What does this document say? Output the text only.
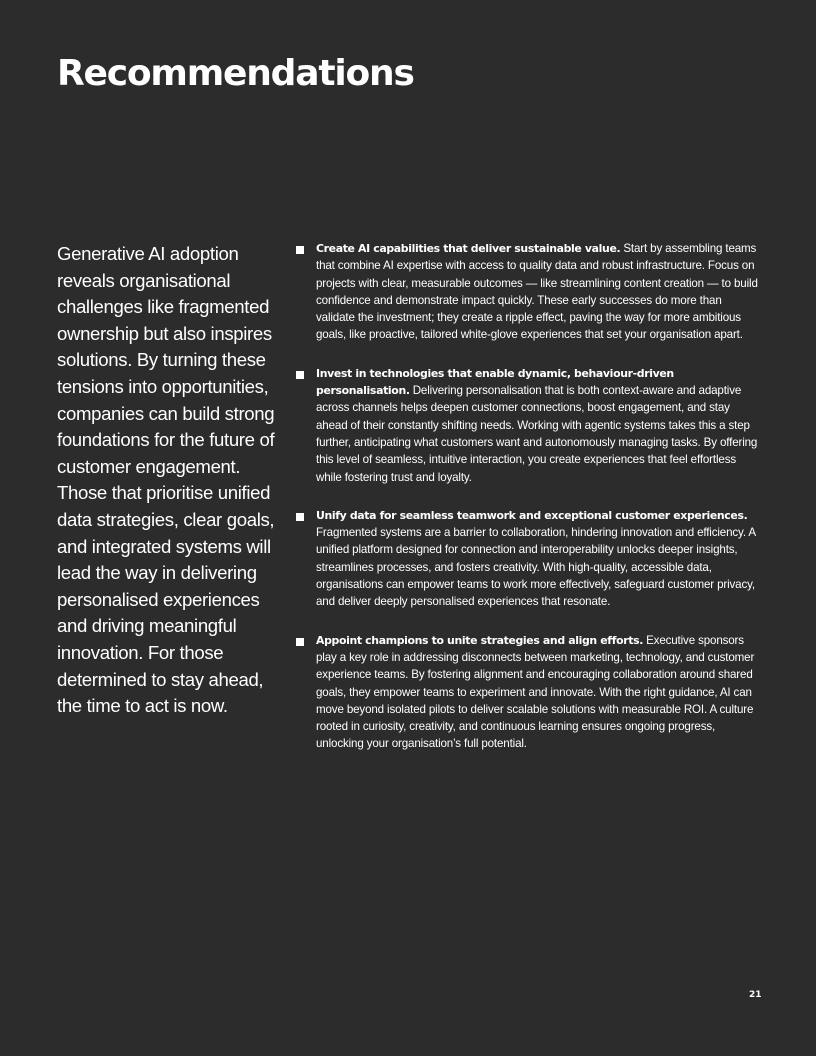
Recommendations

Generative AI adoption reveals organisational challenges like fragmented ownership but also inspires solutions. By turning these tensions into opportunities, companies can build strong foundations for the future of customer engagement. Those that prioritise unified data strategies, clear goals, and integrated systems will lead the way in delivering personalised experiences and driving meaningful innovation. For those determined to stay ahead, the time to act is now.

Create AI capabilities that deliver sustainable value. Start by assembling teams that combine AI expertise with access to quality data and robust infrastructure. Focus on projects with clear, measurable outcomes — like streamlining content creation — to build confidence and demonstrate impact quickly. These early successes do more than validate the investment; they create a ripple effect, paving the way for more ambitious goals, like proactive, tailored white-glove experiences that set your organisation apart.
Invest in technologies that enable dynamic, behaviour-driven personalisation. Delivering personalisation that is both context-aware and adaptive across channels helps deepen customer connections, boost engagement, and stay ahead of their constantly shifting needs. Working with agentic systems takes this a step further, anticipating what customers want and autonomously managing tasks. By offering this level of seamless, intuitive interaction, you create experiences that feel effortless while fostering trust and loyalty.
Unify data for seamless teamwork and exceptional customer experiences. Fragmented systems are a barrier to collaboration, hindering innovation and efficiency. A unified platform designed for connection and interoperability unlocks deeper insights, streamlines processes, and fosters creativity. With high-quality, accessible data, organisations can empower teams to work more effectively, safeguard customer privacy, and deliver deeply personalised experiences that resonate.
Appoint champions to unite strategies and align efforts. Executive sponsors play a key role in addressing disconnects between marketing, technology, and customer experience teams. By fostering alignment and encouraging collaboration around shared goals, they empower teams to experiment and innovate. With the right guidance, AI can move beyond isolated pilots to deliver scalable solutions with measurable ROI. A culture rooted in curiosity, creativity, and continuous learning ensures ongoing progress, unlocking your organisation’s full potential.
21
